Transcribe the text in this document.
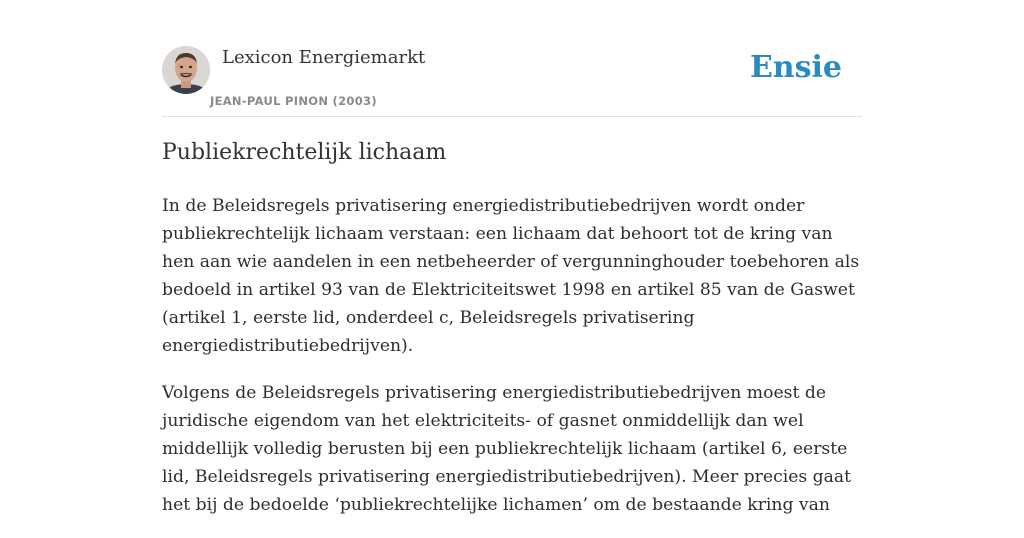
Lexicon Energiemarkt
JEAN-PAUL PINON (2003)
Ensie
Publiekrechtelijk lichaam

In de Beleidsregels privatisering energiedistributiebedrijven wordt onder publiekrechtelijk lichaam verstaan: een lichaam dat behoort tot de kring van hen aan wie aandelen in een netbeheerder of vergunninghouder toebehoren als bedoeld in artikel 93 van de Elektriciteitswet 1998 en artikel 85 van de Gaswet (artikel 1, eerste lid, onderdeel c, Beleidsregels privatisering energiedistributiebedrijven).

Volgens de Beleidsregels privatisering energiedistributiebedrijven moest de juridische eigendom van het elektriciteits- of gasnet onmiddellijk dan wel middellijk volledig berusten bij een publiekrechtelijk lichaam (artikel 6, eerste lid, Beleidsregels privatisering energiedistributiebedrijven). Meer precies gaat het bij de bedoelde ‘publiekrechtelijke lichamen’ om de bestaande kring van
